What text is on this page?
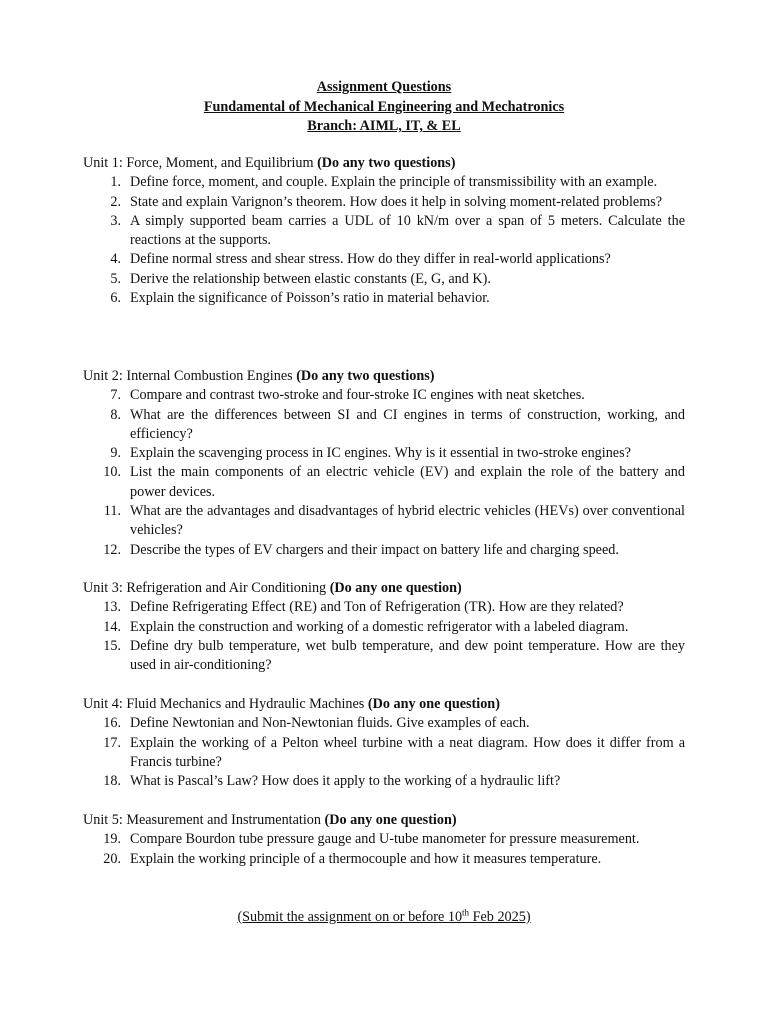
Assignment Questions
Fundamental of Mechanical Engineering and Mechatronics
Branch: AIML, IT, & EL

Unit 1: Force, Moment, and Equilibrium (Do any two questions)

1. Define force, moment, and couple. Explain the principle of transmissibility with an example.
2. State and explain Varignon’s theorem. How does it help in solving moment-related problems?
3. A simply supported beam carries a UDL of 10 kN/m over a span of 5 meters. Calculate the reactions at the supports.
4. Define normal stress and shear stress. How do they differ in real-world applications?
5. Derive the relationship between elastic constants (E, G, and K).
6. Explain the significance of Poisson’s ratio in material behavior.

Unit 2: Internal Combustion Engines (Do any two questions)

7. Compare and contrast two-stroke and four-stroke IC engines with neat sketches.
8. What are the differences between SI and CI engines in terms of construction, working, and efficiency?
9. Explain the scavenging process in IC engines. Why is it essential in two-stroke engines?
10. List the main components of an electric vehicle (EV) and explain the role of the battery and power devices.
11. What are the advantages and disadvantages of hybrid electric vehicles (HEVs) over conventional vehicles?
12. Describe the types of EV chargers and their impact on battery life and charging speed.

Unit 3: Refrigeration and Air Conditioning (Do any one question)

13. Define Refrigerating Effect (RE) and Ton of Refrigeration (TR). How are they related?
14. Explain the construction and working of a domestic refrigerator with a labeled diagram.
15. Define dry bulb temperature, wet bulb temperature, and dew point temperature. How are they used in air-conditioning?

Unit 4: Fluid Mechanics and Hydraulic Machines (Do any one question)

16. Define Newtonian and Non-Newtonian fluids. Give examples of each.
17. Explain the working of a Pelton wheel turbine with a neat diagram. How does it differ from a Francis turbine?
18. What is Pascal’s Law? How does it apply to the working of a hydraulic lift?

Unit 5: Measurement and Instrumentation (Do any one question)

19. Compare Bourdon tube pressure gauge and U-tube manometer for pressure measurement.
20. Explain the working principle of a thermocouple and how it measures temperature.
(Submit the assignment on or before 10th Feb 2025)
